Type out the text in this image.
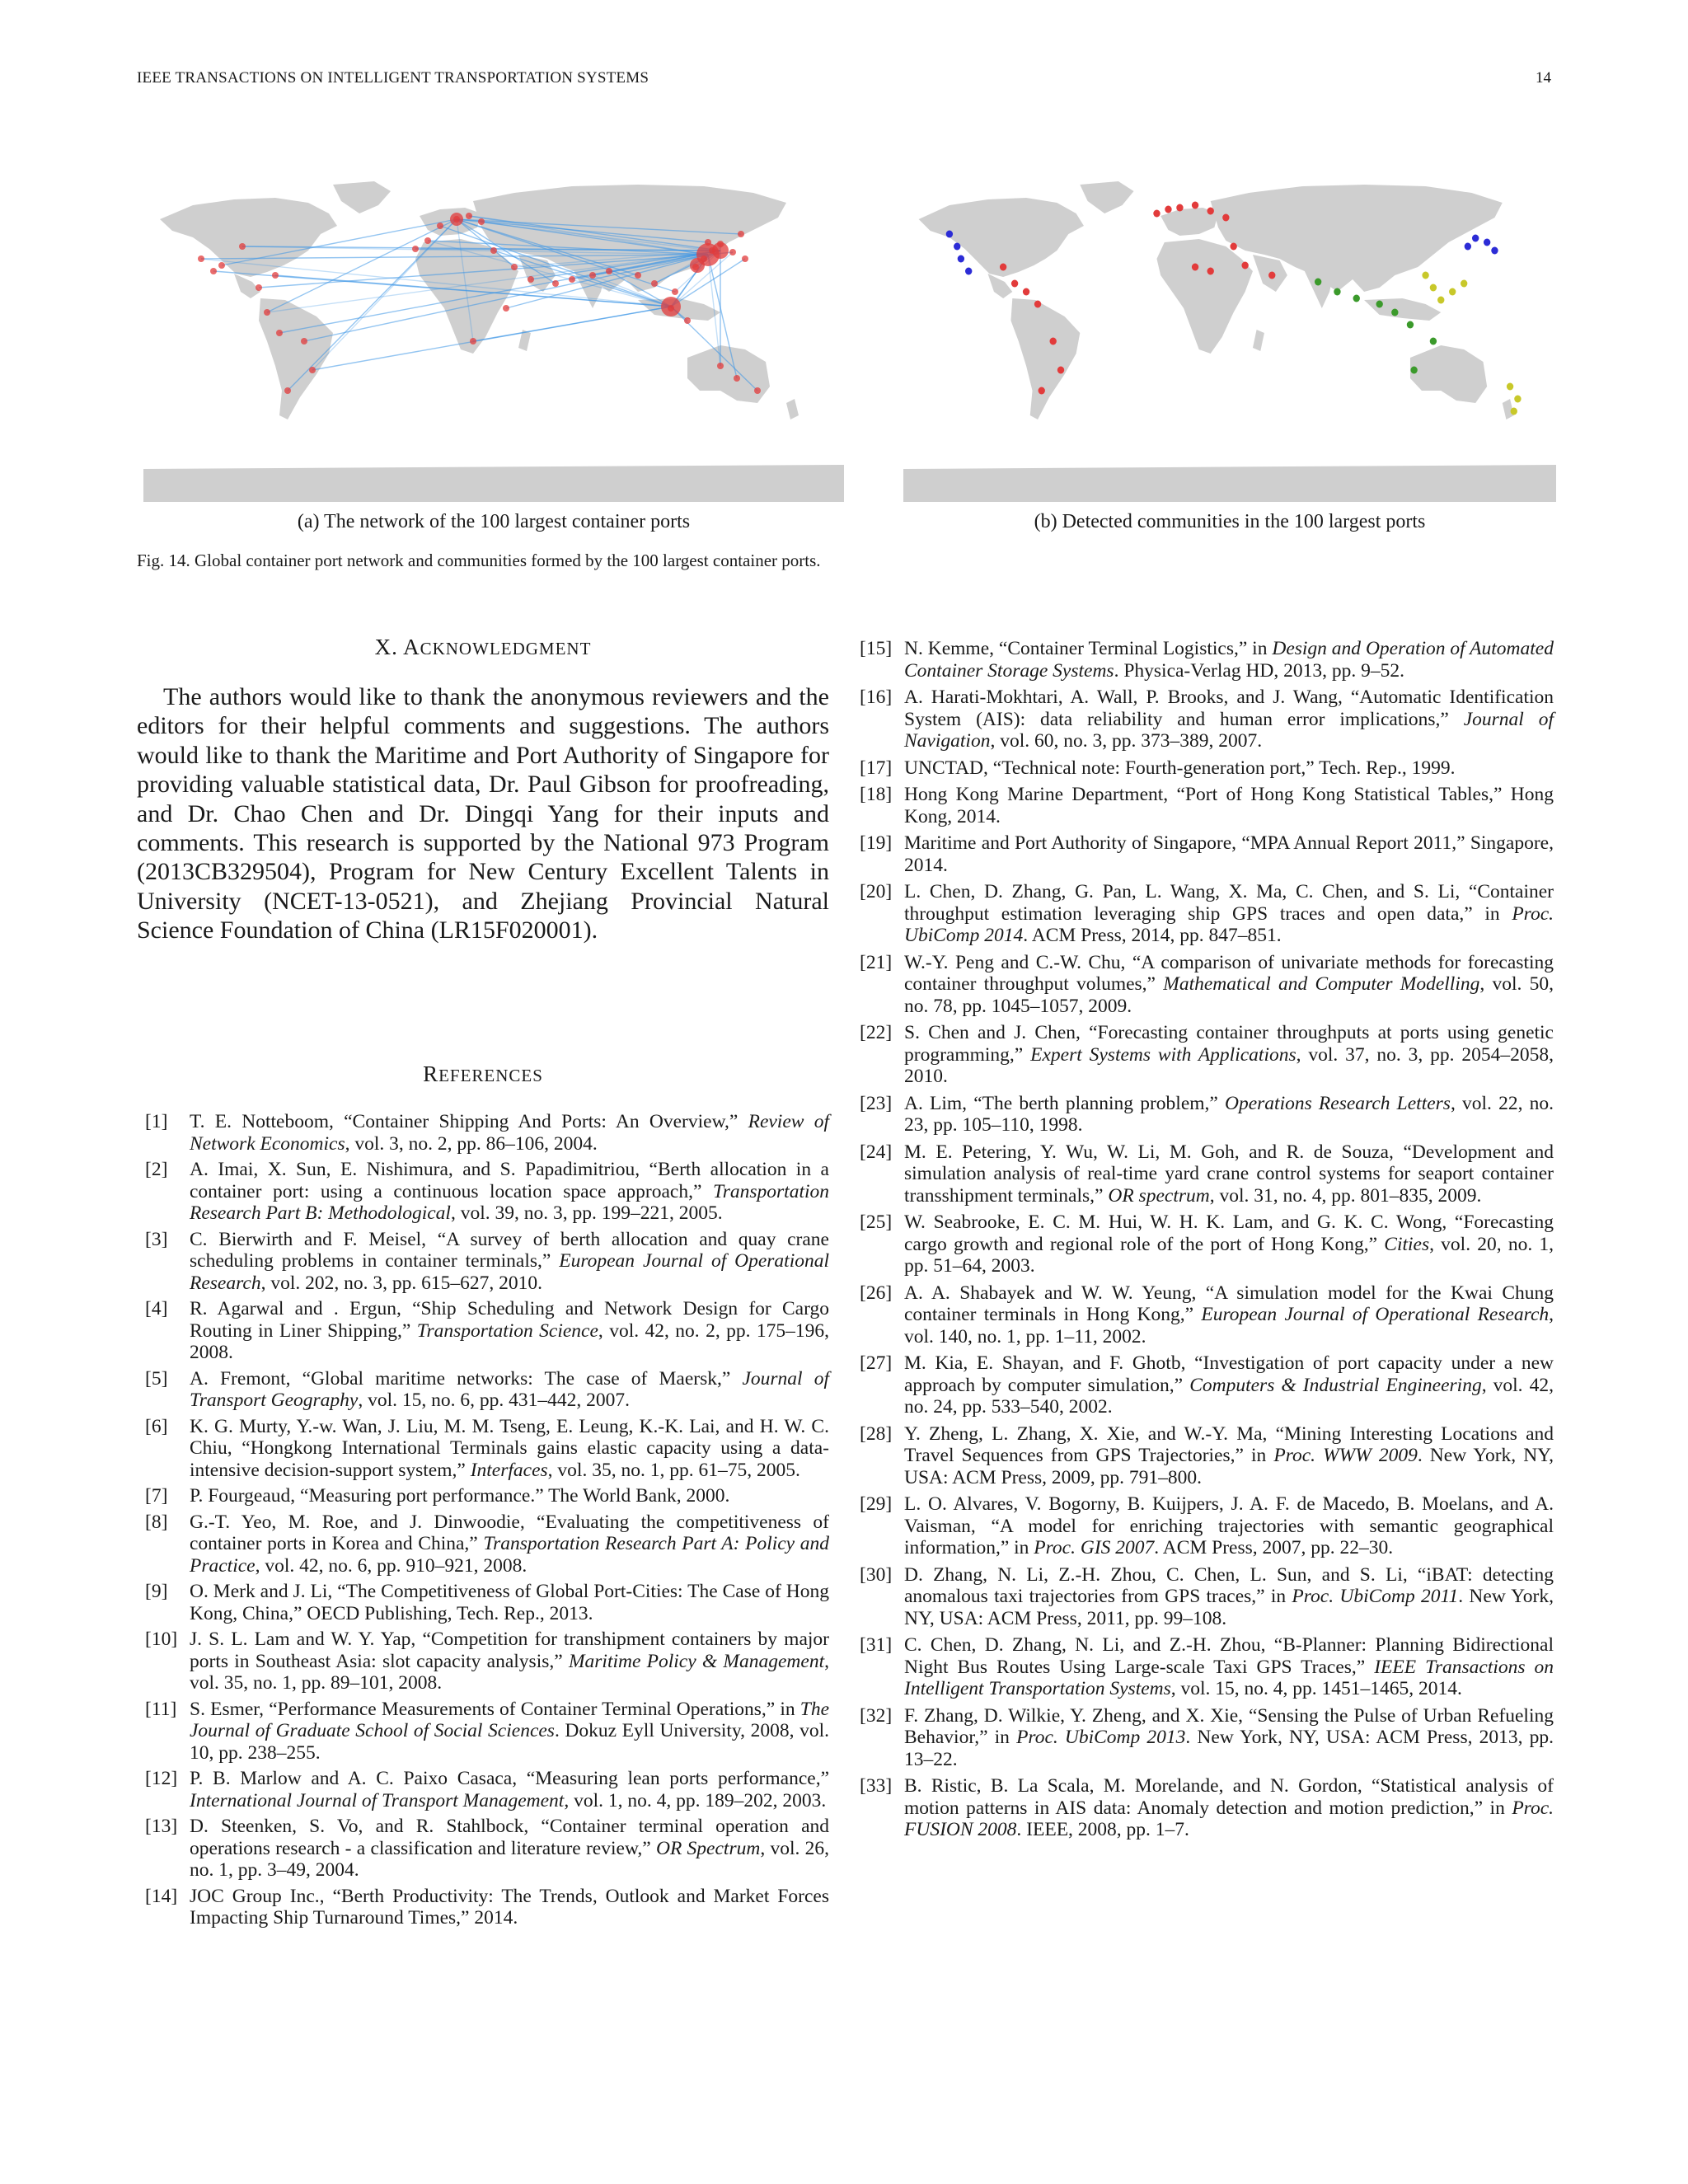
IEEE TRANSACTIONS ON INTELLIGENT TRANSPORTATION SYSTEMS	14
(a) The network of the 100 largest container ports	(b) Detected communities in the 100 largest ports
Fig. 14. Global container port network and communities formed by the 100 largest container ports.
X. ACKNOWLEDGMENT
The authors would like to thank the anonymous reviewers and the editors for their helpful comments and suggestions. The authors would like to thank the Maritime and Port Authority of Singapore for providing valuable statistical data, Dr. Paul Gibson for proofreading, and Dr. Chao Chen and Dr. Dingqi Yang for their inputs and comments. This research is supported by the National 973 Program (2013CB329504), Program for New Century Excellent Talents in University (NCET-13-0521), and Zhejiang Provincial Natural Science Foundation of China (LR15F020001).
REFERENCES
[1] T. E. Notteboom, “Container Shipping And Ports: An Overview,” Review of Network Economics, vol. 3, no. 2, pp. 86–106, 2004.
[2] A. Imai, X. Sun, E. Nishimura, and S. Papadimitriou, “Berth allocation in a container port: using a continuous location space approach,” Transportation Research Part B: Methodological, vol. 39, no. 3, pp. 199–221, 2005.
[3] C. Bierwirth and F. Meisel, “A survey of berth allocation and quay crane scheduling problems in container terminals,” European Journal of Operational Research, vol. 202, no. 3, pp. 615–627, 2010.
[4] R. Agarwal and . Ergun, “Ship Scheduling and Network Design for Cargo Routing in Liner Shipping,” Transportation Science, vol. 42, no. 2, pp. 175–196, 2008.
[5] A. Fremont, “Global maritime networks: The case of Maersk,” Journal of Transport Geography, vol. 15, no. 6, pp. 431–442, 2007.
[6] K. G. Murty, Y.-w. Wan, J. Liu, M. M. Tseng, E. Leung, K.-K. Lai, and H. W. C. Chiu, “Hongkong International Terminals gains elastic capacity using a data-intensive decision-support system,” Interfaces, vol. 35, no. 1, pp. 61–75, 2005.
[7] P. Fourgeaud, “Measuring port performance.” The World Bank, 2000.
[8] G.-T. Yeo, M. Roe, and J. Dinwoodie, “Evaluating the competitiveness of container ports in Korea and China,” Transportation Research Part A: Policy and Practice, vol. 42, no. 6, pp. 910–921, 2008.
[9] O. Merk and J. Li, “The Competitiveness of Global Port-Cities: The Case of Hong Kong, China,” OECD Publishing, Tech. Rep., 2013.
[10] J. S. L. Lam and W. Y. Yap, “Competition for transhipment containers by major ports in Southeast Asia: slot capacity analysis,” Maritime Policy & Management, vol. 35, no. 1, pp. 89–101, 2008.
[11] S. Esmer, “Performance Measurements of Container Terminal Operations,” in The Journal of Graduate School of Social Sciences. Dokuz Eyll University, 2008, vol. 10, pp. 238–255.
[12] P. B. Marlow and A. C. Paixo Casaca, “Measuring lean ports performance,” International Journal of Transport Management, vol. 1, no. 4, pp. 189–202, 2003.
[13] D. Steenken, S. Vo, and R. Stahlbock, “Container terminal operation and operations research - a classification and literature review,” OR Spectrum, vol. 26, no. 1, pp. 3–49, 2004.
[14] JOC Group Inc., “Berth Productivity: The Trends, Outlook and Market Forces Impacting Ship Turnaround Times,” 2014.
[15] N. Kemme, “Container Terminal Logistics,” in Design and Operation of Automated Container Storage Systems. Physica-Verlag HD, 2013, pp. 9–52.
[16] A. Harati-Mokhtari, A. Wall, P. Brooks, and J. Wang, “Automatic Identification System (AIS): data reliability and human error implications,” Journal of Navigation, vol. 60, no. 3, pp. 373–389, 2007.
[17] UNCTAD, “Technical note: Fourth-generation port,” Tech. Rep., 1999.
[18] Hong Kong Marine Department, “Port of Hong Kong Statistical Tables,” Hong Kong, 2014.
[19] Maritime and Port Authority of Singapore, “MPA Annual Report 2011,” Singapore, 2014.
[20] L. Chen, D. Zhang, G. Pan, L. Wang, X. Ma, C. Chen, and S. Li, “Container throughput estimation leveraging ship GPS traces and open data,” in Proc. UbiComp 2014. ACM Press, 2014, pp. 847–851.
[21] W.-Y. Peng and C.-W. Chu, “A comparison of univariate methods for forecasting container throughput volumes,” Mathematical and Computer Modelling, vol. 50, no. 78, pp. 1045–1057, 2009.
[22] S. Chen and J. Chen, “Forecasting container throughputs at ports using genetic programming,” Expert Systems with Applications, vol. 37, no. 3, pp. 2054–2058, 2010.
[23] A. Lim, “The berth planning problem,” Operations Research Letters, vol. 22, no. 23, pp. 105–110, 1998.
[24] M. E. Petering, Y. Wu, W. Li, M. Goh, and R. de Souza, “Development and simulation analysis of real-time yard crane control systems for seaport container transshipment terminals,” OR spectrum, vol. 31, no. 4, pp. 801–835, 2009.
[25] W. Seabrooke, E. C. M. Hui, W. H. K. Lam, and G. K. C. Wong, “Forecasting cargo growth and regional role of the port of Hong Kong,” Cities, vol. 20, no. 1, pp. 51–64, 2003.
[26] A. A. Shabayek and W. W. Yeung, “A simulation model for the Kwai Chung container terminals in Hong Kong,” European Journal of Operational Research, vol. 140, no. 1, pp. 1–11, 2002.
[27] M. Kia, E. Shayan, and F. Ghotb, “Investigation of port capacity under a new approach by computer simulation,” Computers & Industrial Engineering, vol. 42, no. 24, pp. 533–540, 2002.
[28] Y. Zheng, L. Zhang, X. Xie, and W.-Y. Ma, “Mining Interesting Locations and Travel Sequences from GPS Trajectories,” in Proc. WWW 2009. New York, NY, USA: ACM Press, 2009, pp. 791–800.
[29] L. O. Alvares, V. Bogorny, B. Kuijpers, J. A. F. de Macedo, B. Moelans, and A. Vaisman, “A model for enriching trajectories with semantic geographical information,” in Proc. GIS 2007. ACM Press, 2007, pp. 22–30.
[30] D. Zhang, N. Li, Z.-H. Zhou, C. Chen, L. Sun, and S. Li, “iBAT: detecting anomalous taxi trajectories from GPS traces,” in Proc. UbiComp 2011. New York, NY, USA: ACM Press, 2011, pp. 99–108.
[31] C. Chen, D. Zhang, N. Li, and Z.-H. Zhou, “B-Planner: Planning Bidirectional Night Bus Routes Using Large-scale Taxi GPS Traces,” IEEE Transactions on Intelligent Transportation Systems, vol. 15, no. 4, pp. 1451–1465, 2014.
[32] F. Zhang, D. Wilkie, Y. Zheng, and X. Xie, “Sensing the Pulse of Urban Refueling Behavior,” in Proc. UbiComp 2013. New York, NY, USA: ACM Press, 2013, pp. 13–22.
[33] B. Ristic, B. La Scala, M. Morelande, and N. Gordon, “Statistical analysis of motion patterns in AIS data: Anomaly detection and motion prediction,” in Proc. FUSION 2008. IEEE, 2008, pp. 1–7.
